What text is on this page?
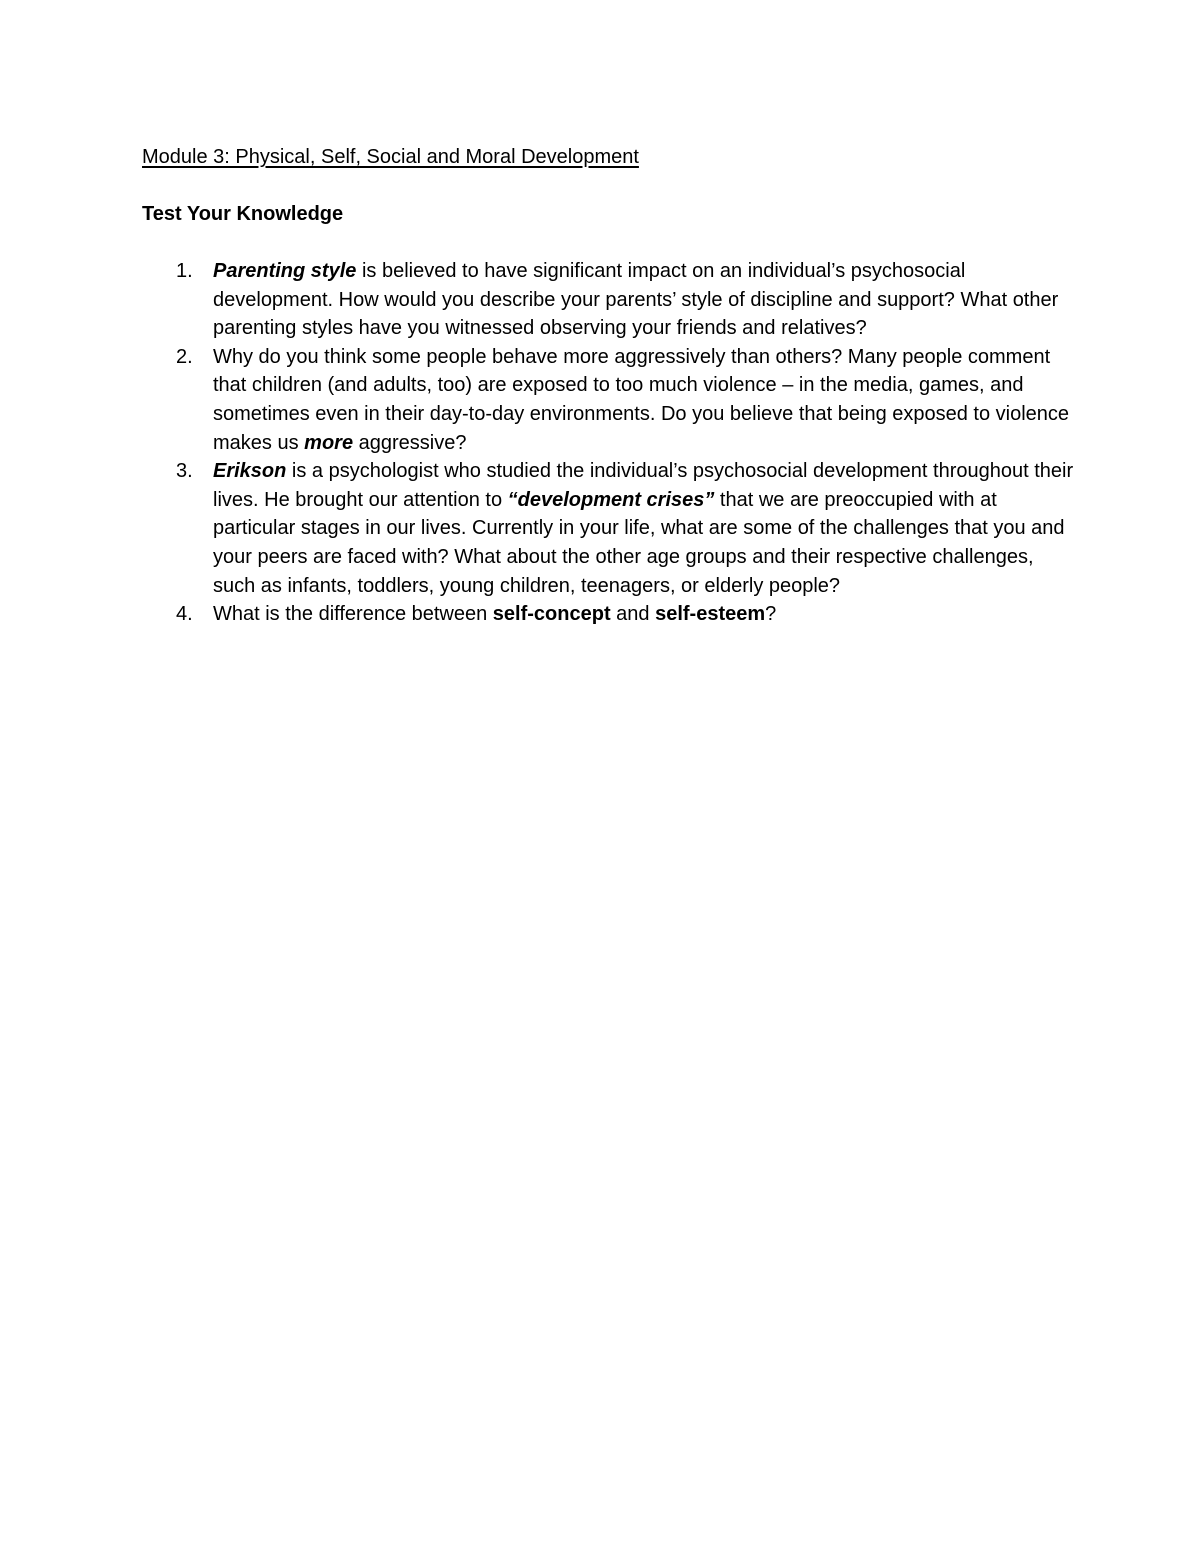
Module 3: Physical, Self, Social and Moral Development
Test Your Knowledge
1. Parenting style is believed to have significant impact on an individual’s psychosocial development. How would you describe your parents’ style of discipline and support? What other parenting styles have you witnessed observing your friends and relatives?
2. Why do you think some people behave more aggressively than others? Many people comment that children (and adults, too) are exposed to too much violence – in the media, games, and sometimes even in their day-to-day environments. Do you believe that being exposed to violence makes us more aggressive?
3. Erikson is a psychologist who studied the individual’s psychosocial development throughout their lives. He brought our attention to “development crises” that we are preoccupied with at particular stages in our lives. Currently in your life, what are some of the challenges that you and your peers are faced with? What about the other age groups and their respective challenges, such as infants, toddlers, young children, teenagers, or elderly people?
4. What is the difference between self-concept and self-esteem?
